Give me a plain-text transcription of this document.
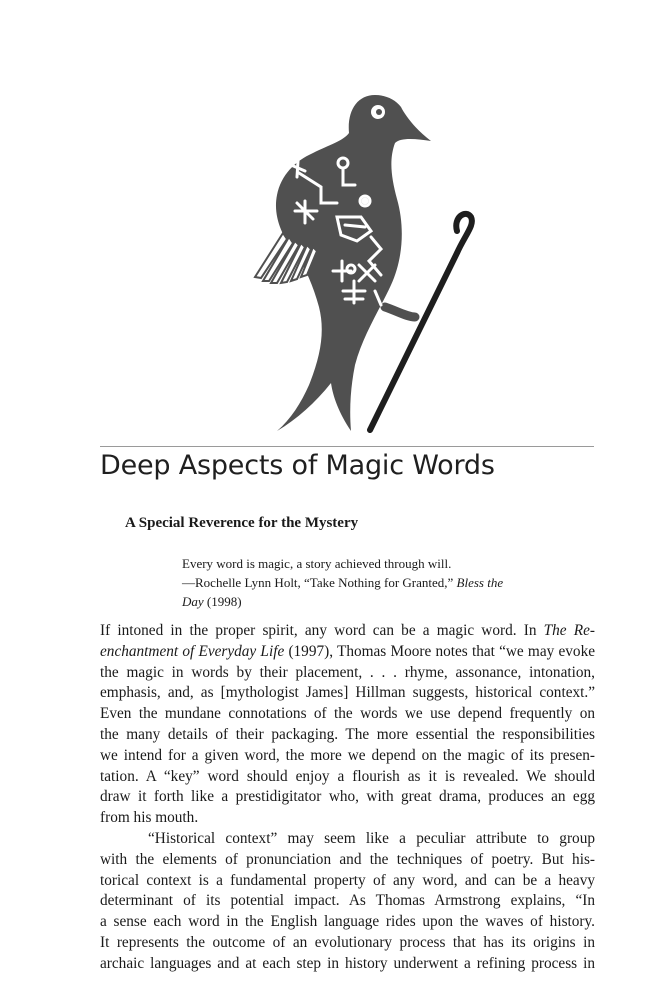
Deep Aspects of Magic Words
A Special Reverence for the Mystery
Every word is magic, a story achieved through will.
—Rochelle Lynn Holt, “Take Nothing for Granted,” Bless the
Day (1998)
If intoned in the proper spirit, any word can be a magic word. In The Re-
enchantment of Everyday Life (1997), Thomas Moore notes that “we may evoke
the magic in words by their placement, . . . rhyme, assonance, intonation,
emphasis, and, as [mythologist James] Hillman suggests, historical context.”
Even the mundane connotations of the words we use depend frequently on
the many details of their packaging. The more essential the responsibilities
we intend for a given word, the more we depend on the magic of its presen-
tation. A “key” word should enjoy a flourish as it is revealed. We should
draw it forth like a prestidigitator who, with great drama, produces an egg
from his mouth.
“Historical context” may seem like a peculiar attribute to group
with the elements of pronunciation and the techniques of poetry. But his-
torical context is a fundamental property of any word, and can be a heavy
determinant of its potential impact. As Thomas Armstrong explains, “In
a sense each word in the English language rides upon the waves of history.
It represents the outcome of an evolutionary process that has its origins in
archaic languages and at each step in history underwent a refining process in
